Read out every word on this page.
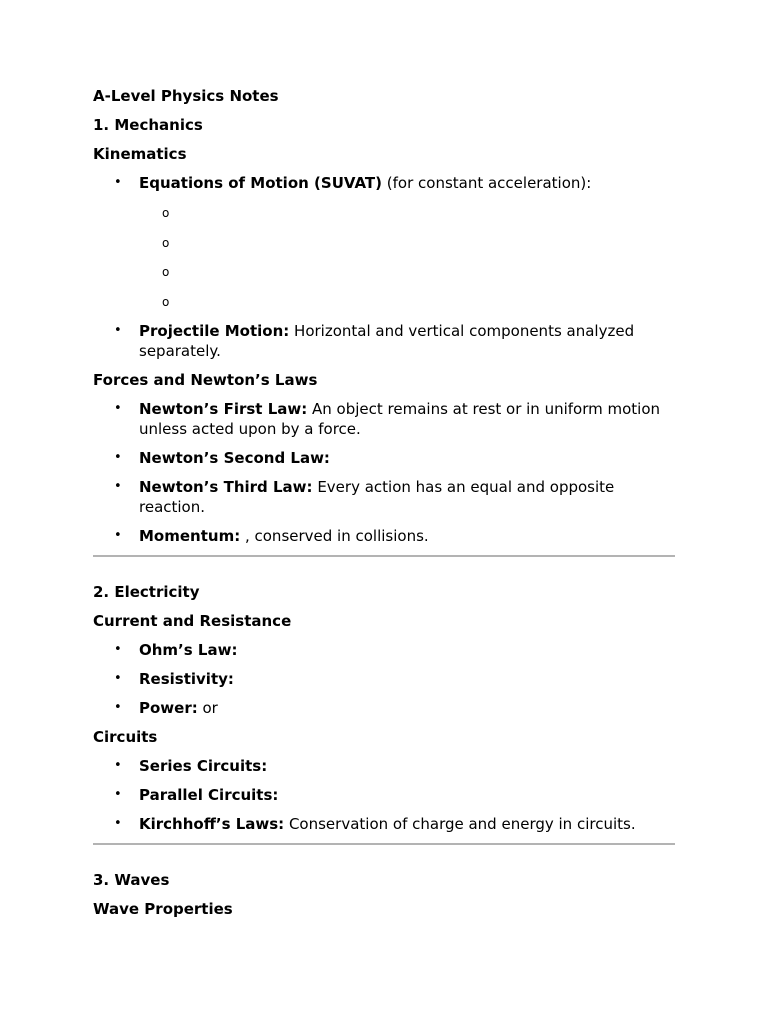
A-Level Physics Notes

1. Mechanics

Kinematics

• Equations of Motion (SUVAT) (for constant acceleration):
o
o
o
o
• Projectile Motion: Horizontal and vertical components analyzed separately.

Forces and Newton’s Laws

• Newton’s First Law: An object remains at rest or in uniform motion unless acted upon by a force.
• Newton’s Second Law:
• Newton’s Third Law: Every action has an equal and opposite reaction.
• Momentum: , conserved in collisions.

2. Electricity

Current and Resistance

• Ohm’s Law:
• Resistivity:
• Power: or

Circuits

• Series Circuits:
• Parallel Circuits:
• Kirchhoff’s Laws: Conservation of charge and energy in circuits.

3. Waves

Wave Properties
